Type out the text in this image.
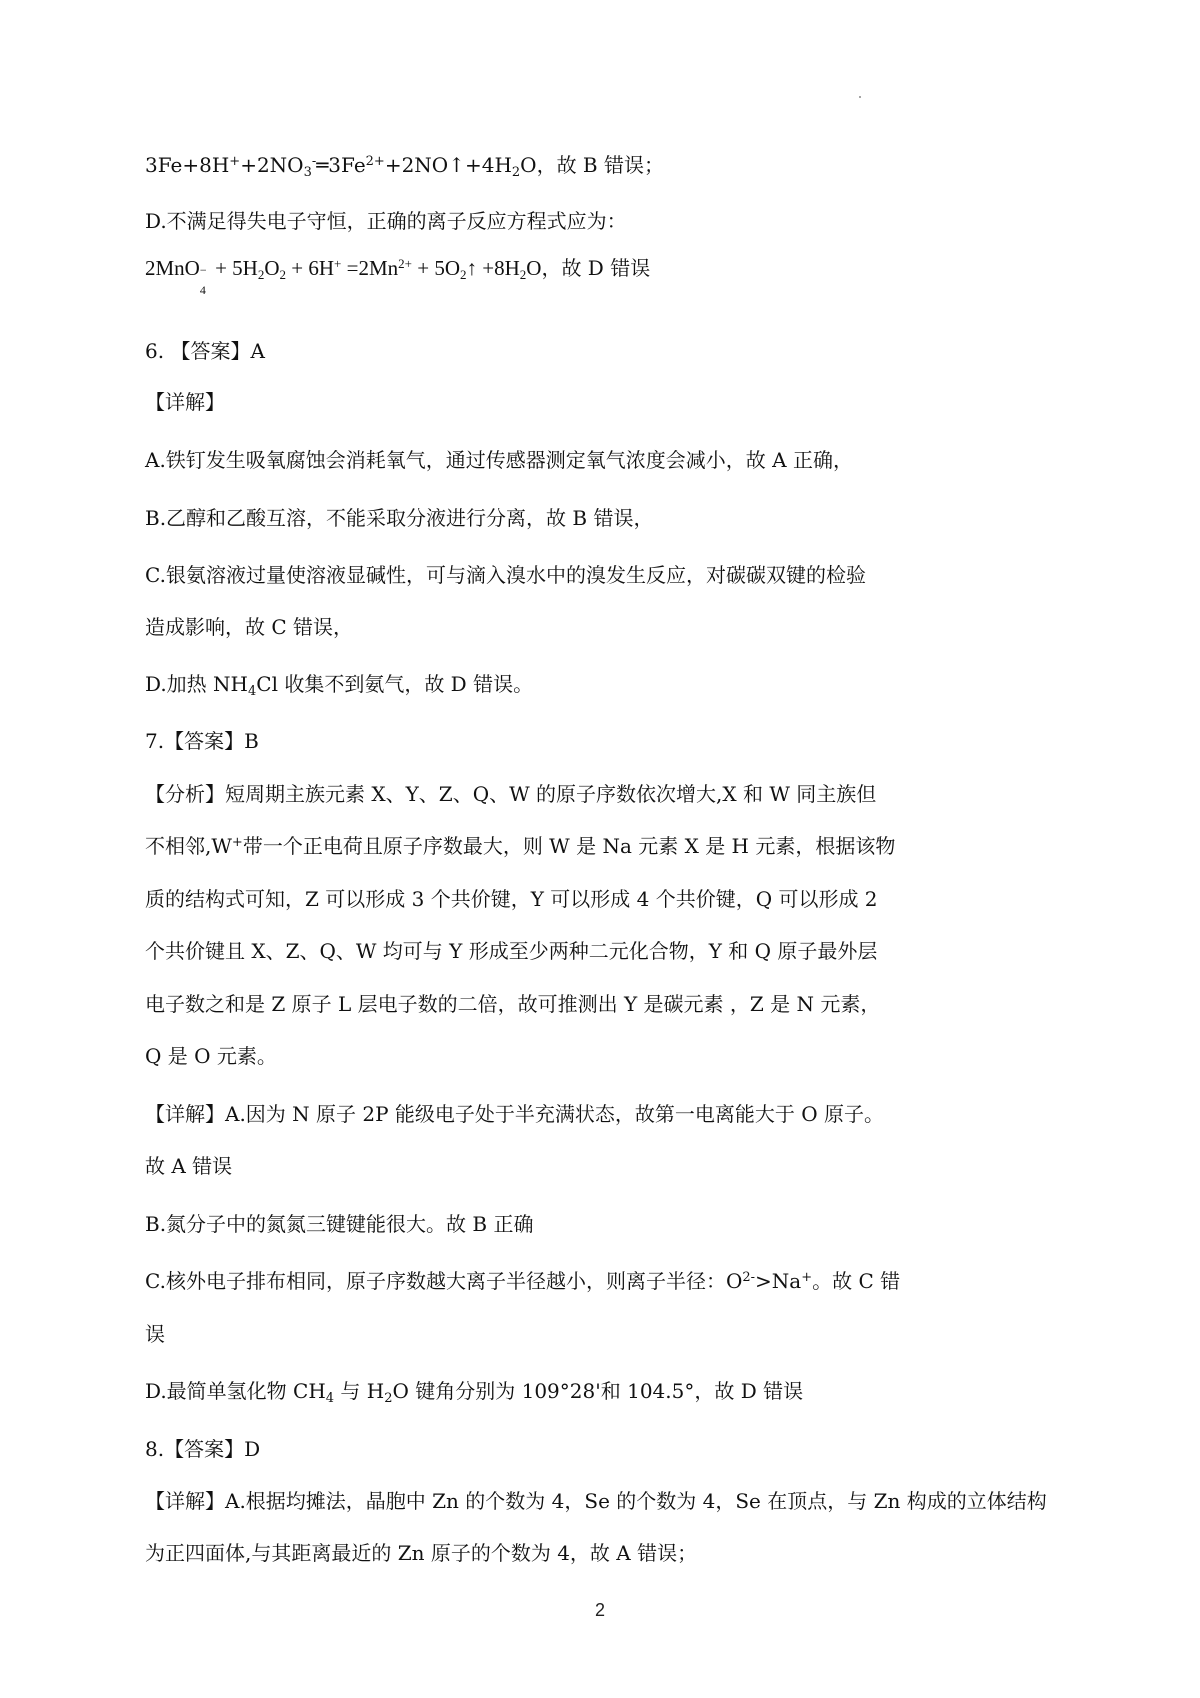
$3Fe+8H^++2NO_3^-═3Fe^{2+}+2NO↑+4H_2O$，故 B 错误；
D.不满足得失电子守恒，正确的离子反应方程式应为：
2MnO −
4
+ $5H_2O_2 + 6H^+ =2Mn^{2+}$ + $5O_2↑ +8H_2O$，故 D 错误
6. 【答案】A
【详解】
A.铁钉发生吸氧腐蚀会消耗氧气，通过传感器测定氧气浓度会减小，故 A 正确，
B.乙醇和乙酸互溶，不能采取分液进行分离，故 B 错误，
C.银氨溶液过量使溶液显碱性，可与滴入溴水中的溴发生反应，对碳碳双键的检验
造成影响，故 C 错误，
D.加热 $NH_4Cl$ 收集不到氨气，故 D 错误。
7.【答案】B
【分析】短周期主族元素 X、Y、Z、Q、W 的原子序数依次增大,X 和 W 同主族但
不相邻,W+带一个正电荷且原子序数最大，则 W 是 Na 元素 X 是 H 元素，根据该物
质的结构式可知，Z 可以形成 3 个共价键，Y 可以形成 4 个共价键，Q 可以形成 2
个共价键且 X、Z、Q、W 均可与 Y 形成至少两种二元化合物，Y 和 Q 原子最外层
电子数之和是 Z 原子 L 层电子数的二倍，故可推测出 Y 是碳元素 ，Z 是 N 元素，
Q 是 O 元素。
【详解】A.因为 N 原子 2P 能级电子处于半充满状态，故第一电离能大于 O 原子。
故 A 错误
B.氮分子中的氮氮三键键能很大。故 B 正确
C.核外电子排布相同，原子序数越大离子半径越小，则离子半径：$O^{2-}>Na^+$。故 C 错
误
D.最简单氢化物 $CH_4$ 与 $H_2O$ 键角分别为 109°28'和 104.5°，故 D 错误
8.【答案】D
【详解】A.根据均摊法，晶胞中 Zn 的个数为 4，Se 的个数为 4，Se 在顶点，与 Zn 构成的立体结构
为正四面体,与其距离最近的 Zn 原子的个数为 4，故 A 错误；
2
